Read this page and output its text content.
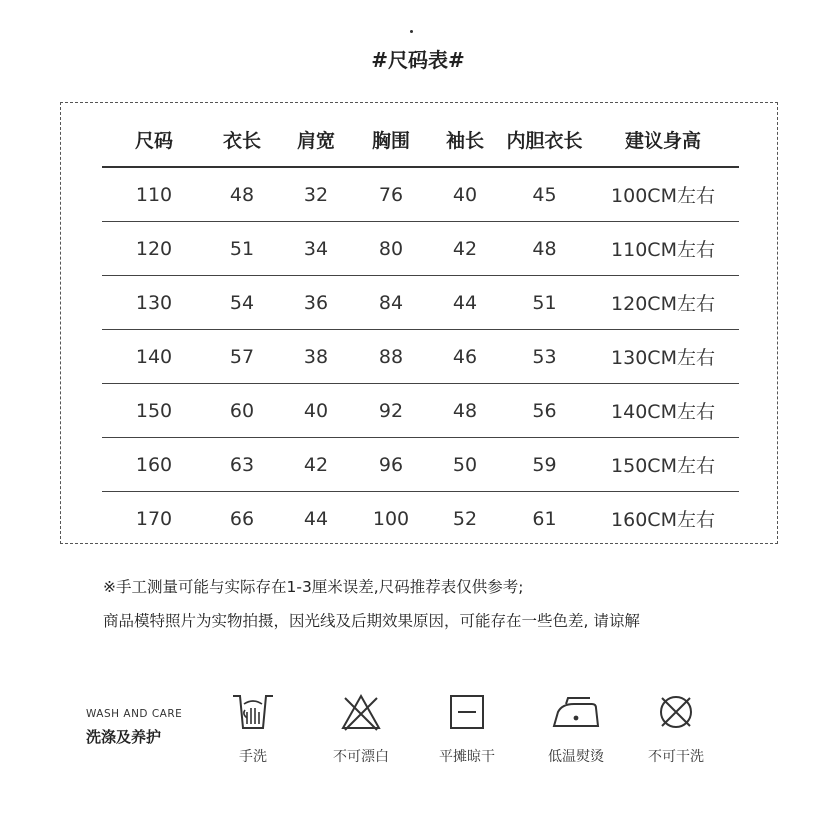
#尺码表#
尺码	衣长	肩宽	胸围	袖长	内胆衣长	建议身高
110	48	32	76	40	45	100CM左右
120	51	34	80	42	48	110CM左右
130	54	36	84	44	51	120CM左右
140	57	38	88	46	53	130CM左右
150	60	40	92	48	56	140CM左右
160	63	42	96	50	59	150CM左右
170	66	44	100	52	61	160CM左右
※手工测量可能与实际存在1-3厘米误差,尺码推荐表仅供参考;
商品模特照片为实物拍摄，因光线及后期效果原因，可能存在一些色差, 请谅解
WASH AND CARE
洗涤及养护
手洗	不可漂白	平摊晾干	低温熨烫	不可干洗
